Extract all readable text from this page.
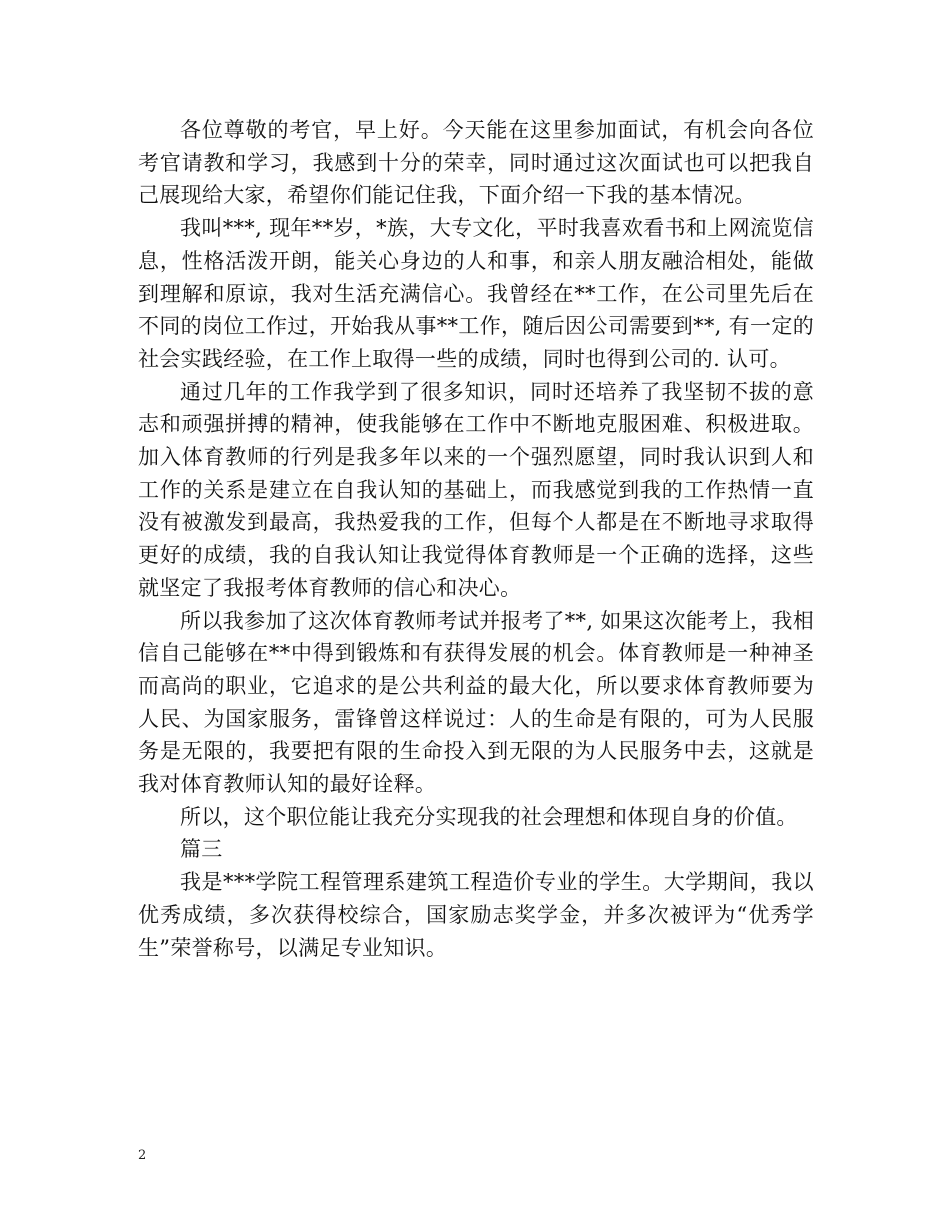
各位尊敬的考官，早上好。今天能在这里参加面试，有机会向各位考官请教和学习，我感到十分的荣幸，同时通过这次面试也可以把我自己展现给大家，希望你们能记住我，下面介绍一下我的基本情况。

我叫***, 现年**岁，*族，大专文化，平时我喜欢看书和上网流览信息，性格活泼开朗，能关心身边的人和事，和亲人朋友融洽相处，能做到理解和原谅，我对生活充满信心。我曾经在**工作，在公司里先后在不同的岗位工作过，开始我从事**工作，随后因公司需要到**, 有一定的社会实践经验，在工作上取得一些的成绩，同时也得到公司的. 认可。

通过几年的工作我学到了很多知识，同时还培养了我坚韧不拔的意志和顽强拼搏的精神，使我能够在工作中不断地克服困难、积极进取。加入体育教师的行列是我多年以来的一个强烈愿望，同时我认识到人和工作的关系是建立在自我认知的基础上，而我感觉到我的工作热情一直没有被激发到最高，我热爱我的工作，但每个人都是在不断地寻求取得更好的成绩，我的自我认知让我觉得体育教师是一个正确的选择，这些就坚定了我报考体育教师的信心和决心。

所以我参加了这次体育教师考试并报考了**, 如果这次能考上，我相信自己能够在**中得到锻炼和有获得发展的机会。体育教师是一种神圣而高尚的职业，它追求的是公共利益的最大化，所以要求体育教师要为人民、为国家服务，雷锋曾这样说过：人的生命是有限的，可为人民服务是无限的，我要把有限的生命投入到无限的为人民服务中去，这就是我对体育教师认知的最好诠释。

所以，这个职位能让我充分实现我的社会理想和体现自身的价值。

篇三

我是***学院工程管理系建筑工程造价专业的学生。大学期间，我以优秀成绩，多次获得校综合，国家励志奖学金，并多次被评为“优秀学生”荣誉称号，以满足专业知识。

2
